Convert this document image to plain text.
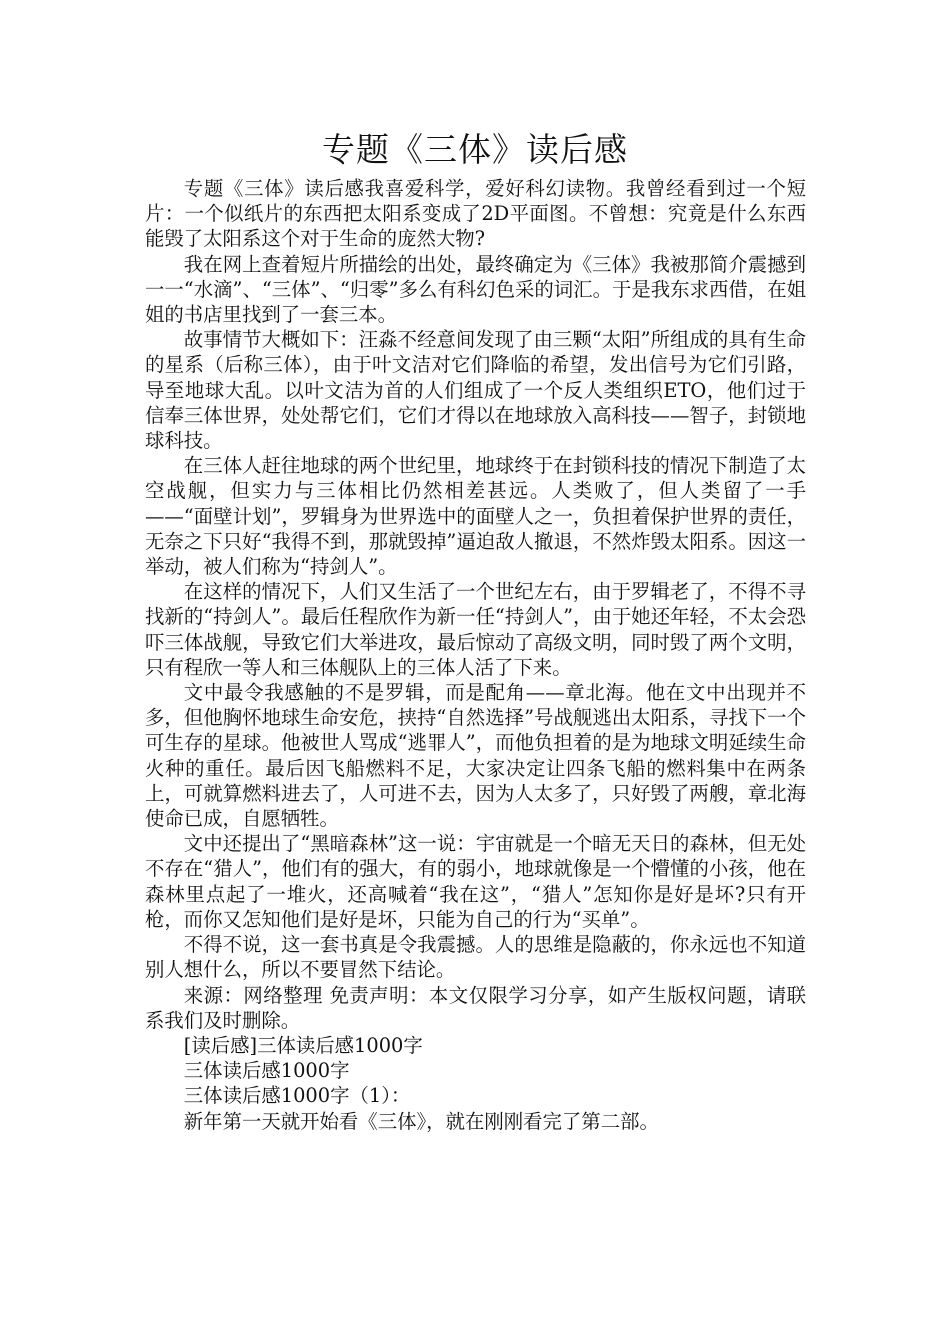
专题《三体》读后感

专题《三体》读后感我喜爱科学，爱好科幻读物。我曾经看到过一个短片：一个似纸片的东西把太阳系变成了2D平面图。不曾想：究竟是什么东西能毁了太阳系这个对于生命的庞然大物?

我在网上查着短片所描绘的出处，最终确定为《三体》我被那简介震撼到一一“水滴”、“三体”、“归零”多么有科幻色采的词汇。于是我东求西借，在姐姐的书店里找到了一套三本。

故事情节大概如下：汪淼不经意间发现了由三颗“太阳”所组成的具有生命的星系（后称三体），由于叶文洁对它们降临的希望，发出信号为它们引路，导至地球大乱。以叶文洁为首的人们组成了一个反人类组织ETO，他们过于信奉三体世界，处处帮它们，它们才得以在地球放入高科技——智子，封锁地球科技。

在三体人赶往地球的两个世纪里，地球终于在封锁科技的情况下制造了太空战舰，但实力与三体相比仍然相差甚远。人类败了，但人类留了一手——“面壁计划”，罗辑身为世界选中的面壁人之一，负担着保护世界的责任，无奈之下只好“我得不到，那就毁掉”逼迫敌人撤退，不然炸毁太阳系。因这一举动，被人们称为“持剑人”。

在这样的情况下，人们又生活了一个世纪左右，由于罗辑老了，不得不寻找新的“持剑人”。最后任程欣作为新一任“持剑人”，由于她还年轻，不太会恐吓三体战舰，导致它们大举进攻，最后惊动了高级文明，同时毁了两个文明，只有程欣一等人和三体舰队上的三体人活了下来。

文中最令我感触的不是罗辑，而是配角——章北海。他在文中出现并不多，但他胸怀地球生命安危，挟持“自然选择”号战舰逃出太阳系，寻找下一个可生存的星球。他被世人骂成“逃罪人”，而他负担着的是为地球文明延续生命火种的重任。最后因飞船燃料不足，大家决定让四条飞船的燃料集中在两条上，可就算燃料进去了，人可进不去，因为人太多了，只好毁了两艘，章北海使命已成，自愿牺牲。

文中还提出了“黑暗森林”这一说：宇宙就是一个暗无天日的森林，但无处不存在“猎人”，他们有的强大，有的弱小，地球就像是一个懵懂的小孩，他在森林里点起了一堆火，还高喊着“我在这”，“猎人”怎知你是好是坏?只有开枪，而你又怎知他们是好是坏，只能为自己的行为“买单”。

不得不说，这一套书真是令我震撼。人的思维是隐蔽的，你永远也不知道别人想什么，所以不要冒然下结论。

来源：网络整理 免责声明：本文仅限学习分享，如产生版权问题，请联系我们及时删除。

[读后感]三体读后感1000字

三体读后感1000字

三体读后感1000字（1）：

新年第一天就开始看《三体》，就在刚刚看完了第二部。
